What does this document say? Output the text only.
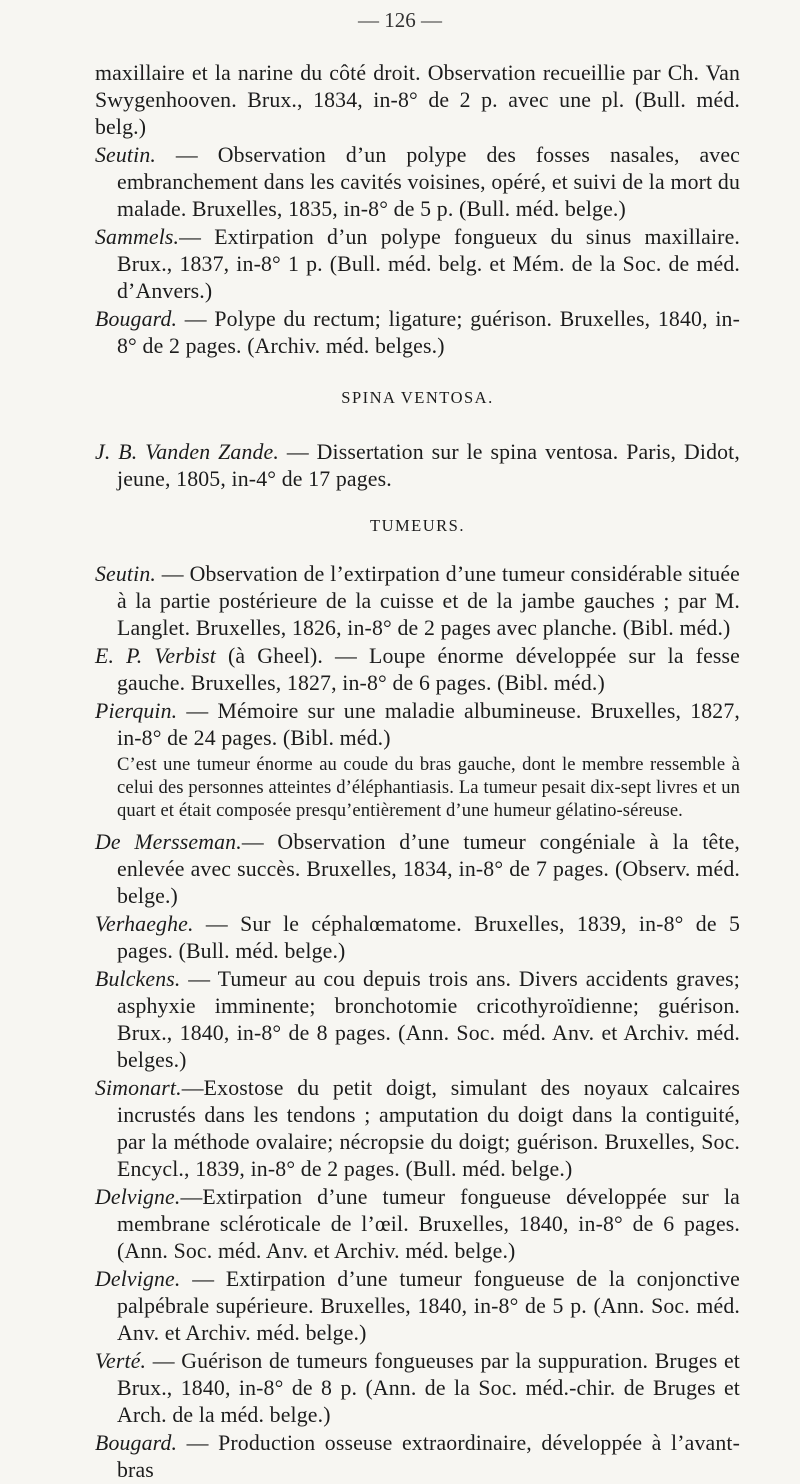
— 126 —

maxillaire et la narine du côté droit. Observation recueillie par Ch. Van Swygenhooven. Brux., 1834, in-8° de 2 p. avec une pl. (Bull. méd. belg.)

Seutin. — Observation d’un polype des fosses nasales, avec embranchement dans les cavités voisines, opéré, et suivi de la mort du malade. Bruxelles, 1835, in-8° de 5 p. (Bull. méd. belge.)

Sammels.— Extirpation d’un polype fongueux du sinus maxillaire. Brux., 1837, in-8° 1 p. (Bull. méd. belg. et Mém. de la Soc. de méd. d’Anvers.)

Bougard. — Polype du rectum; ligature; guérison. Bruxelles, 1840, in-8° de 2 pages. (Archiv. méd. belges.)

SPINA VENTOSA.

J. B. Vanden Zande. — Dissertation sur le spina ventosa. Paris, Didot, jeune, 1805, in-4° de 17 pages.

TUMEURS.

Seutin. — Observation de l’extirpation d’une tumeur considérable située à la partie postérieure de la cuisse et de la jambe gauches ; par M. Langlet. Bruxelles, 1826, in-8° de 2 pages avec planche. (Bibl. méd.)

E. P. Verbist (à Gheel). — Loupe énorme développée sur la fesse gauche. Bruxelles, 1827, in-8° de 6 pages. (Bibl. méd.)

Pierquin. — Mémoire sur une maladie albumineuse. Bruxelles, 1827, in-8° de 24 pages. (Bibl. méd.)

C’est une tumeur énorme au coude du bras gauche, dont le membre ressemble à celui des personnes atteintes d’éléphantiasis. La tumeur pesait dix-sept livres et un quart et était composée presqu’entièrement d’une humeur gélatino-séreuse.

De Mersseman.— Observation d’une tumeur congéniale à la tête, enlevée avec succès. Bruxelles, 1834, in-8° de 7 pages. (Observ. méd. belge.)

Verhaeghe. — Sur le céphalœmatome. Bruxelles, 1839, in-8° de 5 pages. (Bull. méd. belge.)

Bulckens. — Tumeur au cou depuis trois ans. Divers accidents graves; asphyxie imminente; bronchotomie cricothyroïdienne; guérison. Brux., 1840, in-8° de 8 pages. (Ann. Soc. méd. Anv. et Archiv. méd. belges.)

Simonart.—Exostose du petit doigt, simulant des noyaux calcaires incrustés dans les tendons ; amputation du doigt dans la contiguité, par la méthode ovalaire; nécropsie du doigt; guérison. Bruxelles, Soc. Encycl., 1839, in-8° de 2 pages. (Bull. méd. belge.)

Delvigne.—Extirpation d’une tumeur fongueuse développée sur la membrane scléroticale de l’œil. Bruxelles, 1840, in-8° de 6 pages. (Ann. Soc. méd. Anv. et Archiv. méd. belge.)

Delvigne. — Extirpation d’une tumeur fongueuse de la conjonctive palpébrale supérieure. Bruxelles, 1840, in-8° de 5 p. (Ann. Soc. méd. Anv. et Archiv. méd. belge.)

Verté. — Guérison de tumeurs fongueuses par la suppuration. Bruges et Brux., 1840, in-8° de 8 p. (Ann. de la Soc. méd.-chir. de Bruges et Arch. de la méd. belge.)

Bougard. — Production osseuse extraordinaire, développée à l’avant-bras
